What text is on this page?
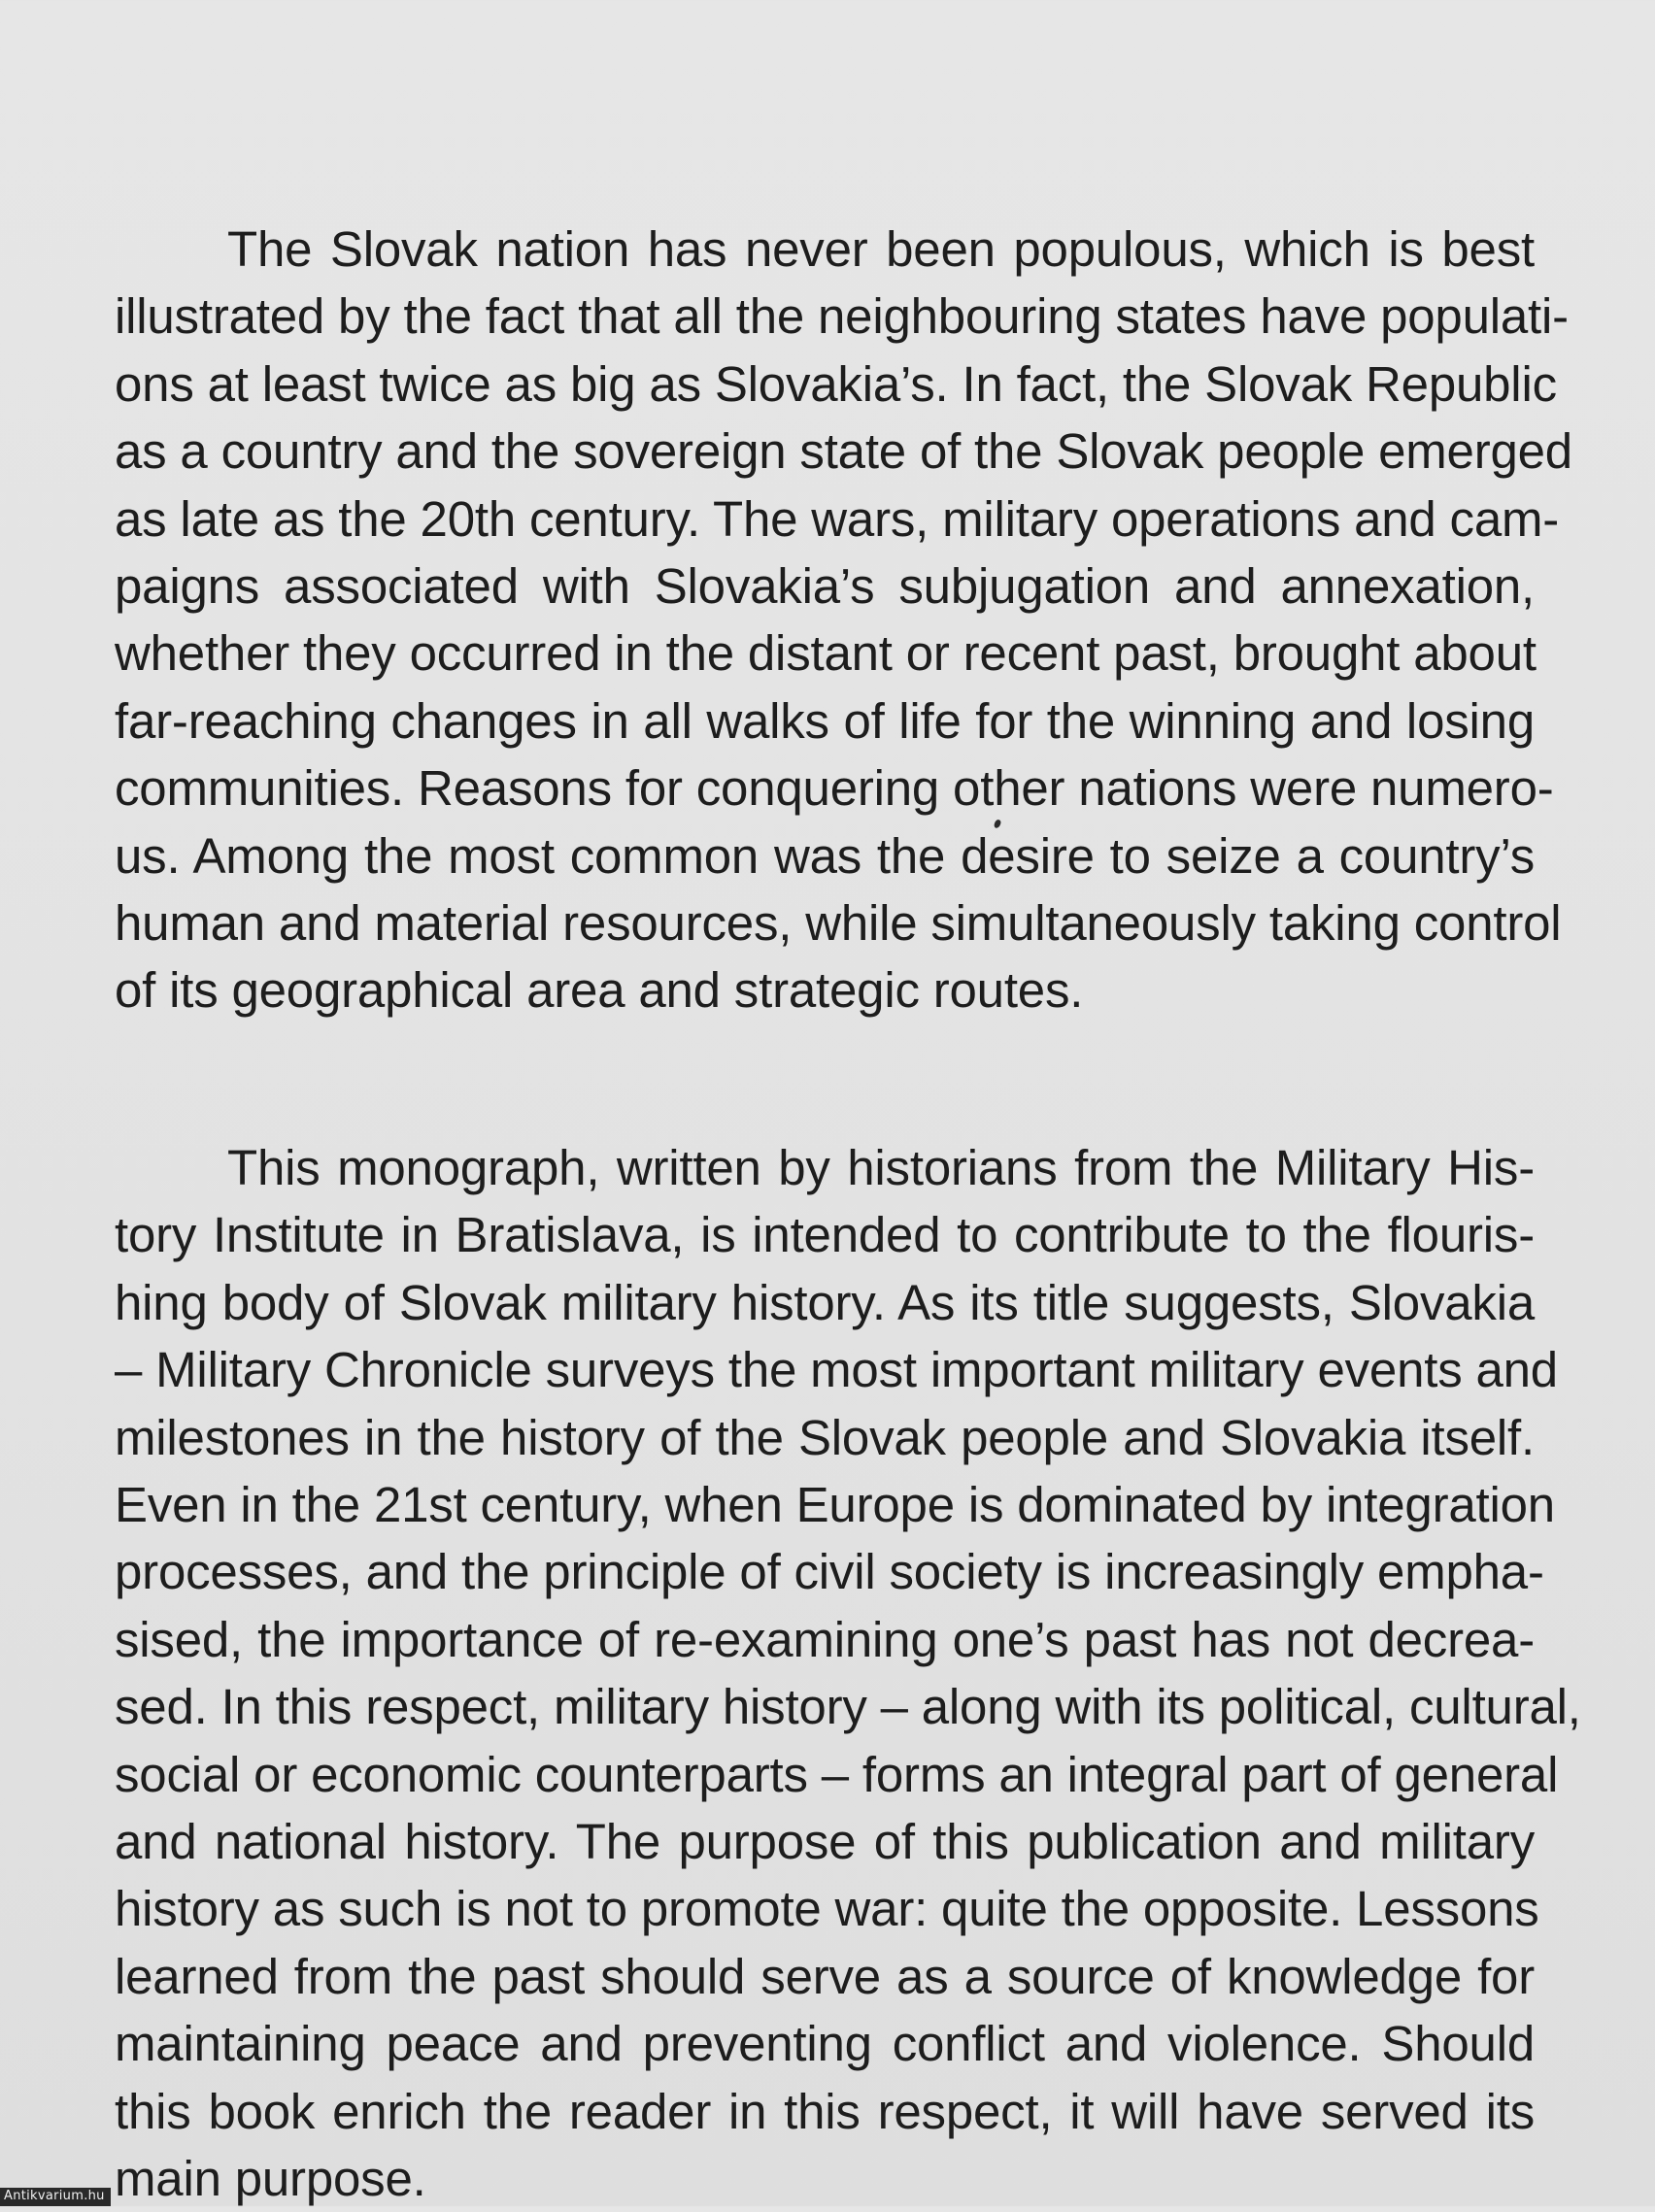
The Slovak nation has never been populous, which is best
illustrated by the fact that all the neighbouring states have populati-
ons at least twice as big as Slovakia’s. In fact, the Slovak Republic
as a country and the sovereign state of the Slovak people emerged
as late as the 20th century. The wars, military operations and cam-
paigns associated with Slovakia’s subjugation and annexation,
whether they occurred in the distant or recent past, brought about
far-reaching changes in all walks of life for the winning and losing
communities. Reasons for conquering other nations were numero-
us. Among the most common was the desire to seize a country’s
human and material resources, while simultaneously taking control
of its geographical area and strategic routes.

This monograph, written by historians from the Military His-
tory Institute in Bratislava, is intended to contribute to the flouris-
hing body of Slovak military history. As its title suggests, Slovakia
– Military Chronicle surveys the most important military events and
milestones in the history of the Slovak people and Slovakia itself.
Even in the 21st century, when Europe is dominated by integration
processes, and the principle of civil society is increasingly empha-
sised, the importance of re-examining one’s past has not decrea-
sed. In this respect, military history – along with its political, cultural,
social or economic counterparts – forms an integral part of general
and national history. The purpose of this publication and military
history as such is not to promote war: quite the opposite. Lessons
learned from the past should serve as a source of knowledge for
maintaining peace and preventing conflict and violence. Should
this book enrich the reader in this respect, it will have served its
main purpose.

Antikvarium.hu
